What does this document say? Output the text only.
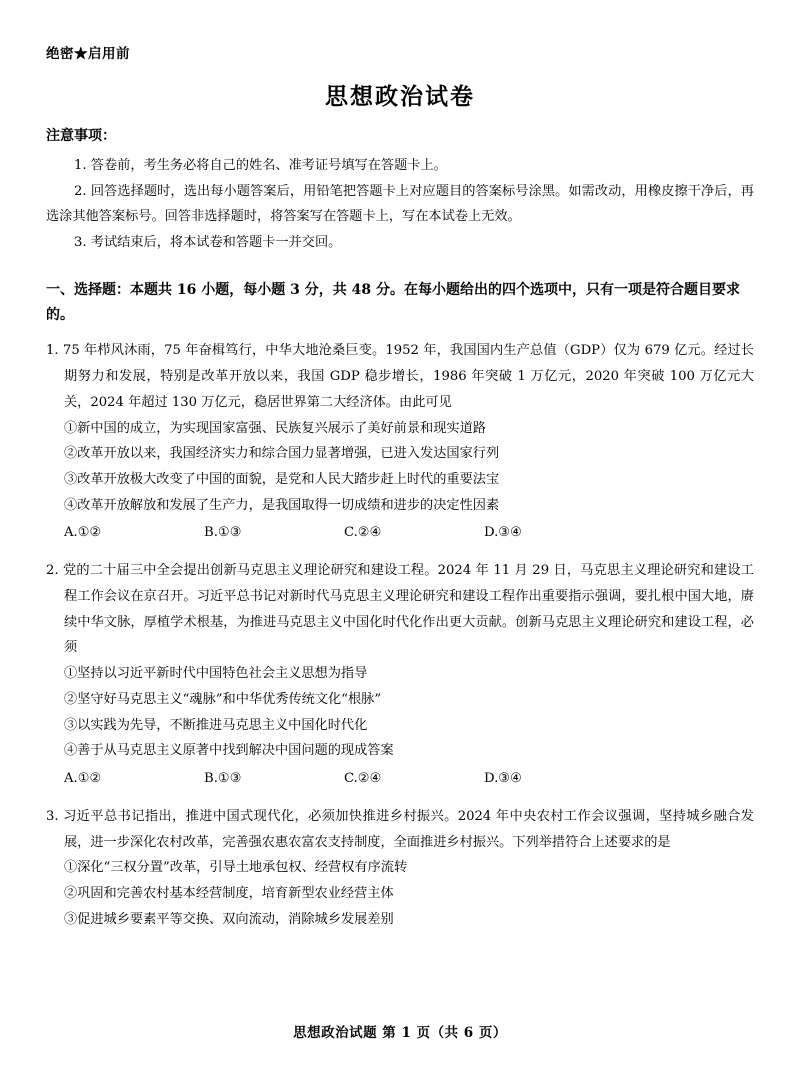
绝密★启用前
思想政治试卷
注意事项：

1. 答卷前，考生务必将自己的姓名、准考证号填写在答题卡上。

2. 回答选择题时，选出每小题答案后，用铅笔把答题卡上对应题目的答案标号涂黑。如需改动，用橡皮擦干净后，再选涂其他答案标号。回答非选择题时，将答案写在答题卡上，写在本试卷上无效。

3. 考试结束后，将本试卷和答题卡一并交回。

一、选择题：本题共 16 小题，每小题 3 分，共 48 分。在每小题给出的四个选项中，只有一项是符合题目要求的。

1. 75 年栉风沐雨，75 年奋楫笃行，中华大地沧桑巨变。1952 年，我国国内生产总值（GDP）仅为 679 亿元。经过长期努力和发展，特别是改革开放以来，我国 GDP 稳步增长，1986 年突破 1 万亿元，2020 年突破 100 万亿元大关，2024 年超过 130 万亿元，稳居世界第二大经济体。由此可见

①新中国的成立，为实现国家富强、民族复兴展示了美好前景和现实道路

②改革开放以来，我国经济实力和综合国力显著增强，已进入发达国家行列

③改革开放极大改变了中国的面貌，是党和人民大踏步赶上时代的重要法宝

④改革开放解放和发展了生产力，是我国取得一切成绩和进步的决定性因素

A.①②	B.①③	C.②④	D.③④

2. 党的二十届三中全会提出创新马克思主义理论研究和建设工程。2024 年 11 月 29 日，马克思主义理论研究和建设工程工作会议在京召开。习近平总书记对新时代马克思主义理论研究和建设工程作出重要指示强调，要扎根中国大地，赓续中华文脉，厚植学术根基，为推进马克思主义中国化时代化作出更大贡献。创新马克思主义理论研究和建设工程，必须

①坚持以习近平新时代中国特色社会主义思想为指导

②坚守好马克思主义“魂脉”和中华优秀传统文化“根脉”

③以实践为先导，不断推进马克思主义中国化时代化

④善于从马克思主义原著中找到解决中国问题的现成答案

A.①②	B.①③	C.②④	D.③④

3. 习近平总书记指出，推进中国式现代化，必须加快推进乡村振兴。2024 年中央农村工作会议强调，坚持城乡融合发展，进一步深化农村改革，完善强农惠农富农支持制度，全面推进乡村振兴。下列举措符合上述要求的是

①深化“三权分置”改革，引导土地承包权、经营权有序流转

②巩固和完善农村基本经营制度，培育新型农业经营主体

③促进城乡要素平等交换、双向流动，消除城乡发展差别

思想政治试题 第 1 页（共 6 页）
